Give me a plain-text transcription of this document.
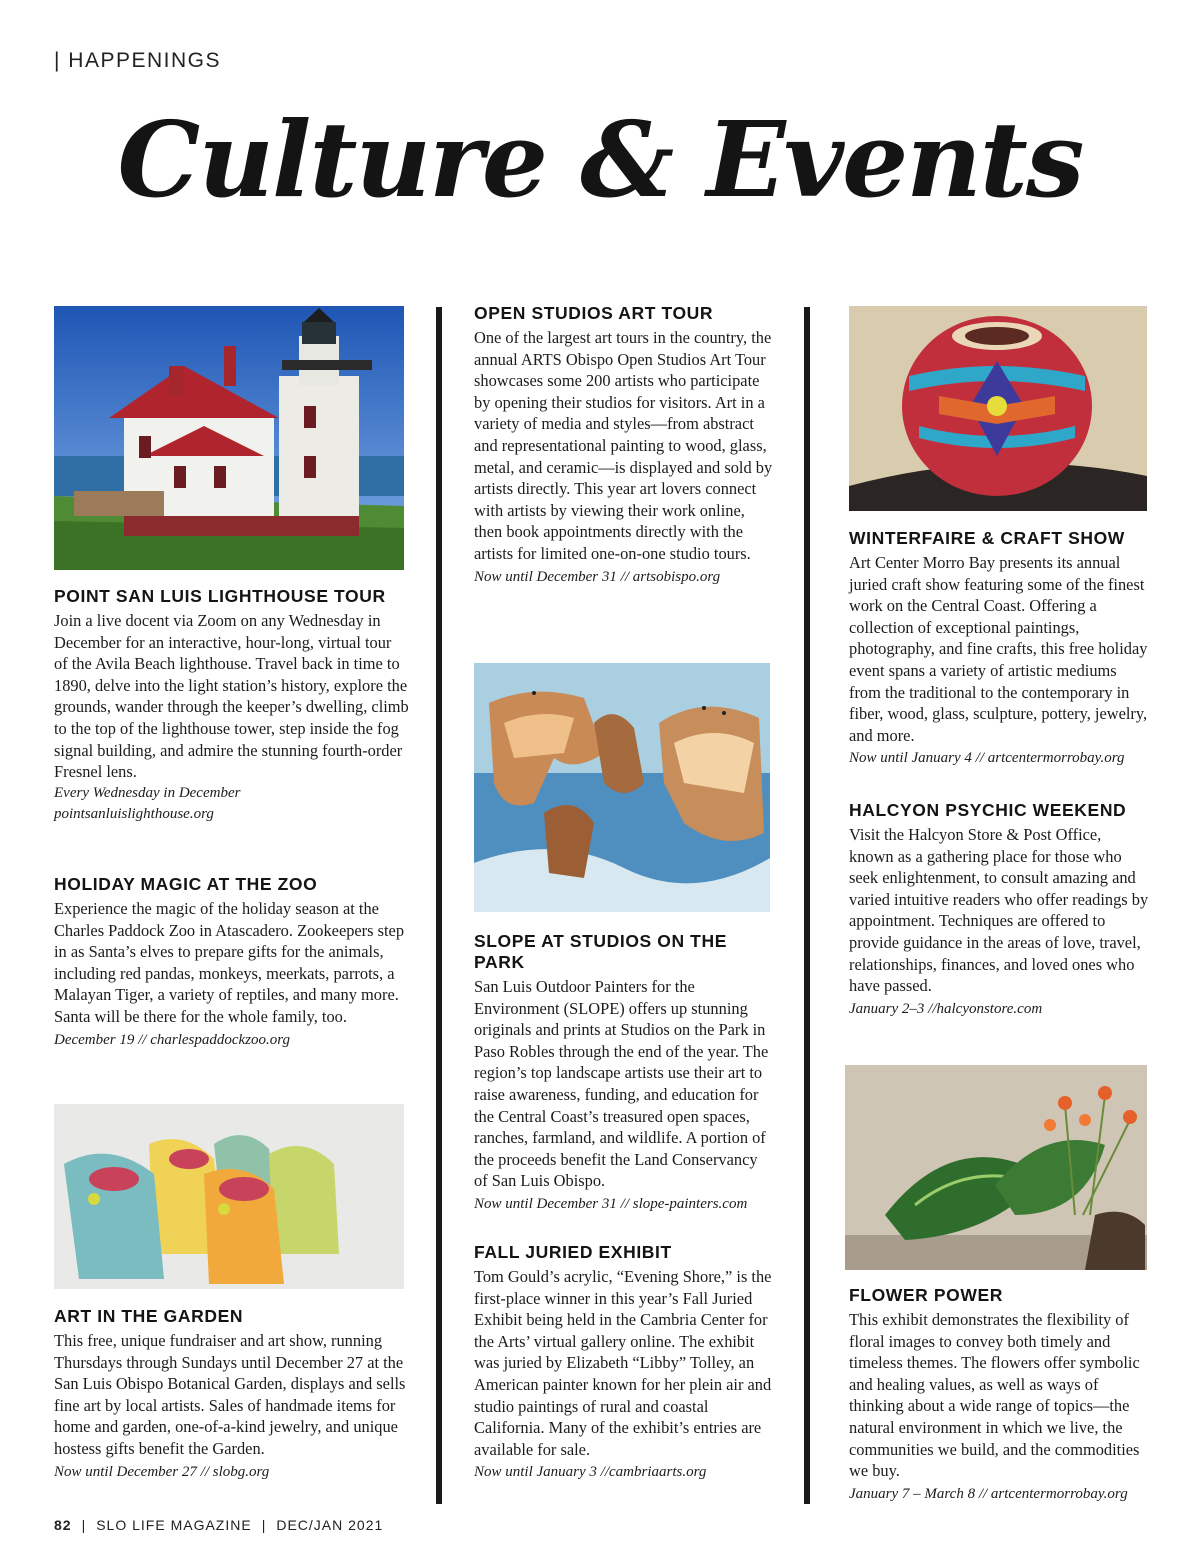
| HAPPENINGS
Culture & Events
POINT SAN LUIS LIGHTHOUSE TOUR

Join a live docent via Zoom on any Wednesday in December for an interactive, hour-long, virtual tour of the Avila Beach lighthouse. Travel back in time to 1890, delve into the light station’s history, explore the grounds, wander through the keeper’s dwelling, climb to the top of the lighthouse tower, step inside the fog signal building, and admire the stunning fourth-order Fresnel lens.

Every Wednesday in December

pointsanluislighthouse.org

HOLIDAY MAGIC AT THE ZOO

Experience the magic of the holiday season at the Charles Paddock Zoo in Atascadero. Zookeepers step in as Santa’s elves to prepare gifts for the animals, including red pandas, monkeys, meerkats, parrots, a Malayan Tiger, a variety of reptiles, and many more. Santa will be there for the whole family, too.

December 19 // charlespaddockzoo.org

ART IN THE GARDEN

This free, unique fundraiser and art show, running Thursdays through Sundays until December 27 at the San Luis Obispo Botanical Garden, displays and sells fine art by local artists. Sales of handmade items for home and garden, one-of-a-kind jewelry, and unique hostess gifts benefit the Garden.

Now until December 27 // slobg.org

OPEN STUDIOS ART TOUR

One of the largest art tours in the country, the annual ARTS Obispo Open Studios Art Tour showcases some 200 artists who participate by opening their studios for visitors. Art in a variety of media and styles—from abstract and representational painting to wood, glass, metal, and ceramic—is displayed and sold by artists directly. This year art lovers connect with artists by viewing their work online, then book appointments directly with the artists for limited one-on-one studio tours.

Now until December 31 // artsobispo.org

SLOPE AT STUDIOS ON THE PARK

San Luis Outdoor Painters for the Environment (SLOPE) offers up stunning originals and prints at Studios on the Park in Paso Robles through the end of the year. The region’s top landscape artists use their art to raise awareness, funding, and education for the Central Coast’s treasured open spaces, ranches, farmland, and wildlife. A portion of the proceeds benefit the Land Conservancy of San Luis Obispo.

Now until December 31 // slope-painters.com

FALL JURIED EXHIBIT

Tom Gould’s acrylic, “Evening Shore,” is the first-place winner in this year’s Fall Juried Exhibit being held in the Cambria Center for the Arts’ virtual gallery online. The exhibit was juried by Elizabeth “Libby” Tolley, an American painter known for her plein air and studio paintings of rural and coastal California. Many of the exhibit’s entries are available for sale.

Now until January 3 //cambriaarts.org

WINTERFAIRE & CRAFT SHOW

Art Center Morro Bay presents its annual juried craft show featuring some of the finest work on the Central Coast. Offering a collection of exceptional paintings, photography, and fine crafts, this free holiday event spans a variety of artistic mediums from the traditional to the contemporary in fiber, wood, glass, sculpture, pottery, jewelry, and more.

Now until January 4 // artcentermorrobay.org

HALCYON PSYCHIC WEEKEND

Visit the Halcyon Store & Post Office, known as a gathering place for those who seek enlightenment, to consult amazing and varied intuitive readers who offer readings by appointment. Techniques are offered to provide guidance in the areas of love, travel, relationships, finances, and loved ones who have passed.

January 2–3 //halcyonstore.com

FLOWER POWER

This exhibit demonstrates the flexibility of floral images to convey both timely and timeless themes. The flowers offer symbolic and healing values, as well as ways of thinking about a wide range of topics—the natural environment in which we live, the communities we build, and the commodities we buy.

January 7 – March 8 // artcentermorrobay.org

82 | SLO LIFE MAGAZINE | DEC/JAN 2021
